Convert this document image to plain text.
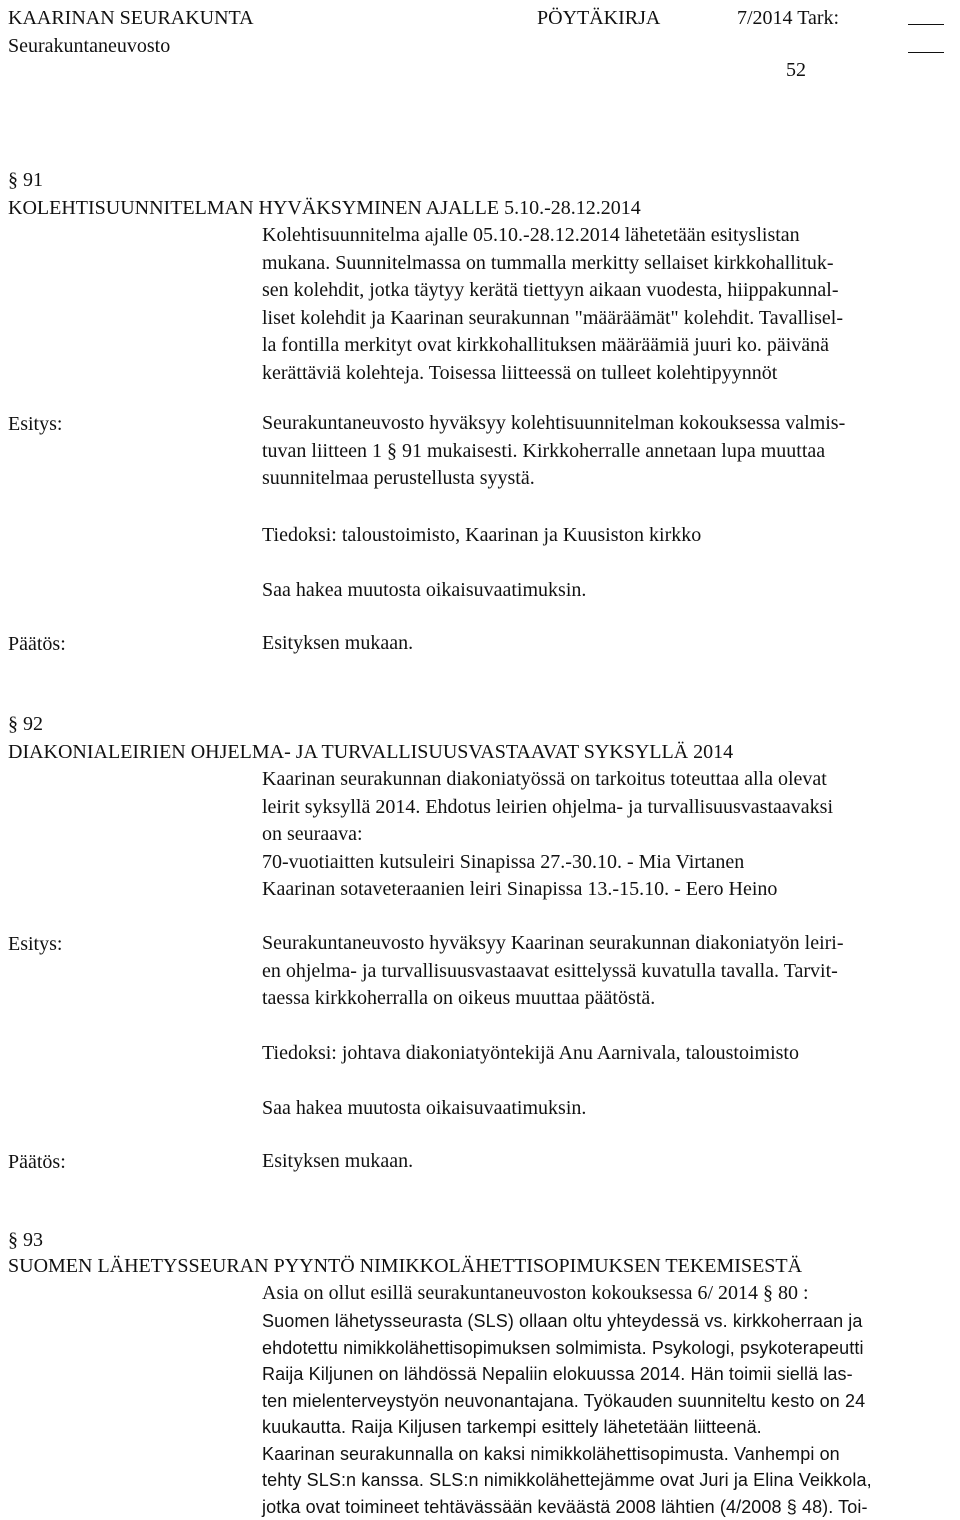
KAARINAN SEURAKUNTA	PÖYTÄKIRJA	7/2014 Tark:
Seurakuntaneuvosto
52
§ 91
KOLEHTISUUNNITELMAN HYVÄKSYMINEN AJALLE 5.10.-28.12.2014

Kolehtisuunnitelma ajalle 05.10.-28.12.2014 lähetetään esityslistan
mukana. Suunnitelmassa on tummalla merkitty sellaiset kirkkohallituk-
sen kolehdit, jotka täytyy kerätä tiettyyn aikaan vuodesta, hiippakunnal-
liset kolehdit ja Kaarinan seurakunnan "määräämät" kolehdit. Tavallisel-
la fontilla merkityt ovat kirkkohallituksen määräämiä juuri ko. päivänä
kerättäviä kolehteja. Toisessa liitteessä on tulleet kolehtipyynnöt

Esitys:	Seurakuntaneuvosto hyväksyy kolehtisuunnitelman kokouksessa valmis-
tuvan liitteen 1 § 91 mukaisesti. Kirkkoherralle annetaan lupa muuttaa
suunnitelmaa perustellusta syystä.

Tiedoksi: taloustoimisto, Kaarinan ja Kuusiston kirkko

Saa hakea muutosta oikaisuvaatimuksin.

Päätös:	Esityksen mukaan.

§ 92
DIAKONIALEIRIEN OHJELMA- JA TURVALLISUUSVASTAAVAT SYKSYLLÄ 2014

Kaarinan seurakunnan diakoniatyössä on tarkoitus toteuttaa alla olevat
leirit syksyllä 2014. Ehdotus leirien ohjelma- ja turvallisuusvastaavaksi
on seuraava:
70-vuotiaitten kutsuleiri Sinapissa 27.-30.10. - Mia Virtanen
Kaarinan sotaveteraanien leiri Sinapissa 13.-15.10. - Eero Heino

Esitys:	Seurakuntaneuvosto hyväksyy Kaarinan seurakunnan diakoniatyön leiri-
en ohjelma- ja turvallisuusvastaavat esittelyssä kuvatulla tavalla. Tarvit-
taessa kirkkoherralla on oikeus muuttaa päätöstä.

Tiedoksi: johtava diakoniatyöntekijä Anu Aarnivala, taloustoimisto

Saa hakea muutosta oikaisuvaatimuksin.

Päätös:	Esityksen mukaan.

§ 93
SUOMEN LÄHETYSSEURAN PYYNTÖ NIMIKKOLÄHETTISOPIMUKSEN TEKEMISESTÄ

Asia on ollut esillä seurakuntaneuvoston kokouksessa 6/ 2014 § 80 :

Suomen lähetysseurasta (SLS) ollaan oltu yhteydessä vs. kirkkoherraan ja
ehdotettu nimikkolähettisopimuksen solmimista. Psykologi, psykoterapeutti
Raija Kiljunen on lähdössä Nepaliin elokuussa 2014. Hän toimii siellä las-
ten mielenterveystyön neuvonantajana. Työkauden suunniteltu kesto on 24
kuukautta. Raija Kiljusen tarkempi esittely lähetetään liitteenä.
Kaarinan seurakunnalla on kaksi nimikkolähettisopimusta. Vanhempi on
tehty SLS:n kanssa. SLS:n nimikkolähettejämme ovat Juri ja Elina Veikkola,
jotka ovat toimineet tehtävässään keväästä 2008 lähtien (4/2008 § 48). Toi-
